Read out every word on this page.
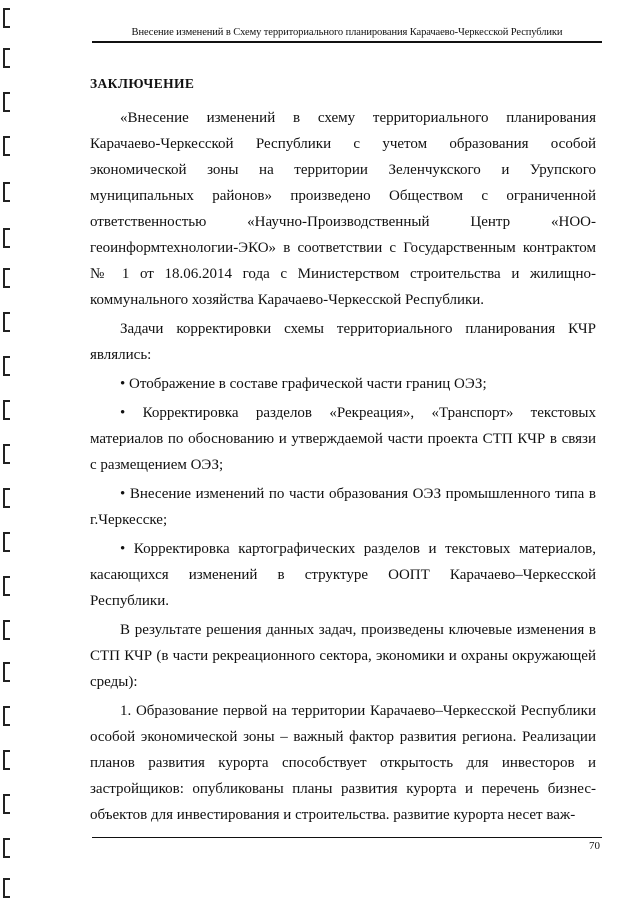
Внесение изменений в Схему территориального планирования Карачаево-Черкесской Республики
ЗАКЛЮЧЕНИЕ

«Внесение изменений в схему территориального планирования Карачаево-Черкесской Республики с учетом образования особой экономической зоны на территории Зеленчукского и Урупского муниципальных районов» произведено Обществом с ограниченной ответственностью «Научно-Производственный Центр «НОО-геоинформтехнологии-ЭКО» в соответствии с Государственным контрактом № 1 от 18.06.2014 года с Министерством строительства и жилищно-коммунального хозяйства Карачаево-Черкесской Республики.

Задачи корректировки схемы территориального планирования КЧР являлись:

• Отображение в составе графической части границ ОЭЗ;

• Корректировка разделов «Рекреация», «Транспорт» текстовых материалов по обоснованию и утверждаемой части проекта СТП КЧР в связи с размещением ОЭЗ;

• Внесение изменений по части образования ОЭЗ промышленного типа в г.Черкесске;

• Корректировка картографических разделов и текстовых материалов, касающихся изменений в структуре ООПТ Карачаево–Черкесской Республики.

В результате решения данных задач, произведены ключевые изменения в СТП КЧР (в части рекреационного сектора, экономики и охраны окружающей среды):

1. Образование первой на территории Карачаево–Черкесской Республики особой экономической зоны – важный фактор развития региона. Реализации планов развития курорта способствует открытость для инвесторов и застройщиков: опубликованы планы развития курорта и перечень бизнес-объектов для инвестирования и строительства. развитие курорта несет важ-

70
